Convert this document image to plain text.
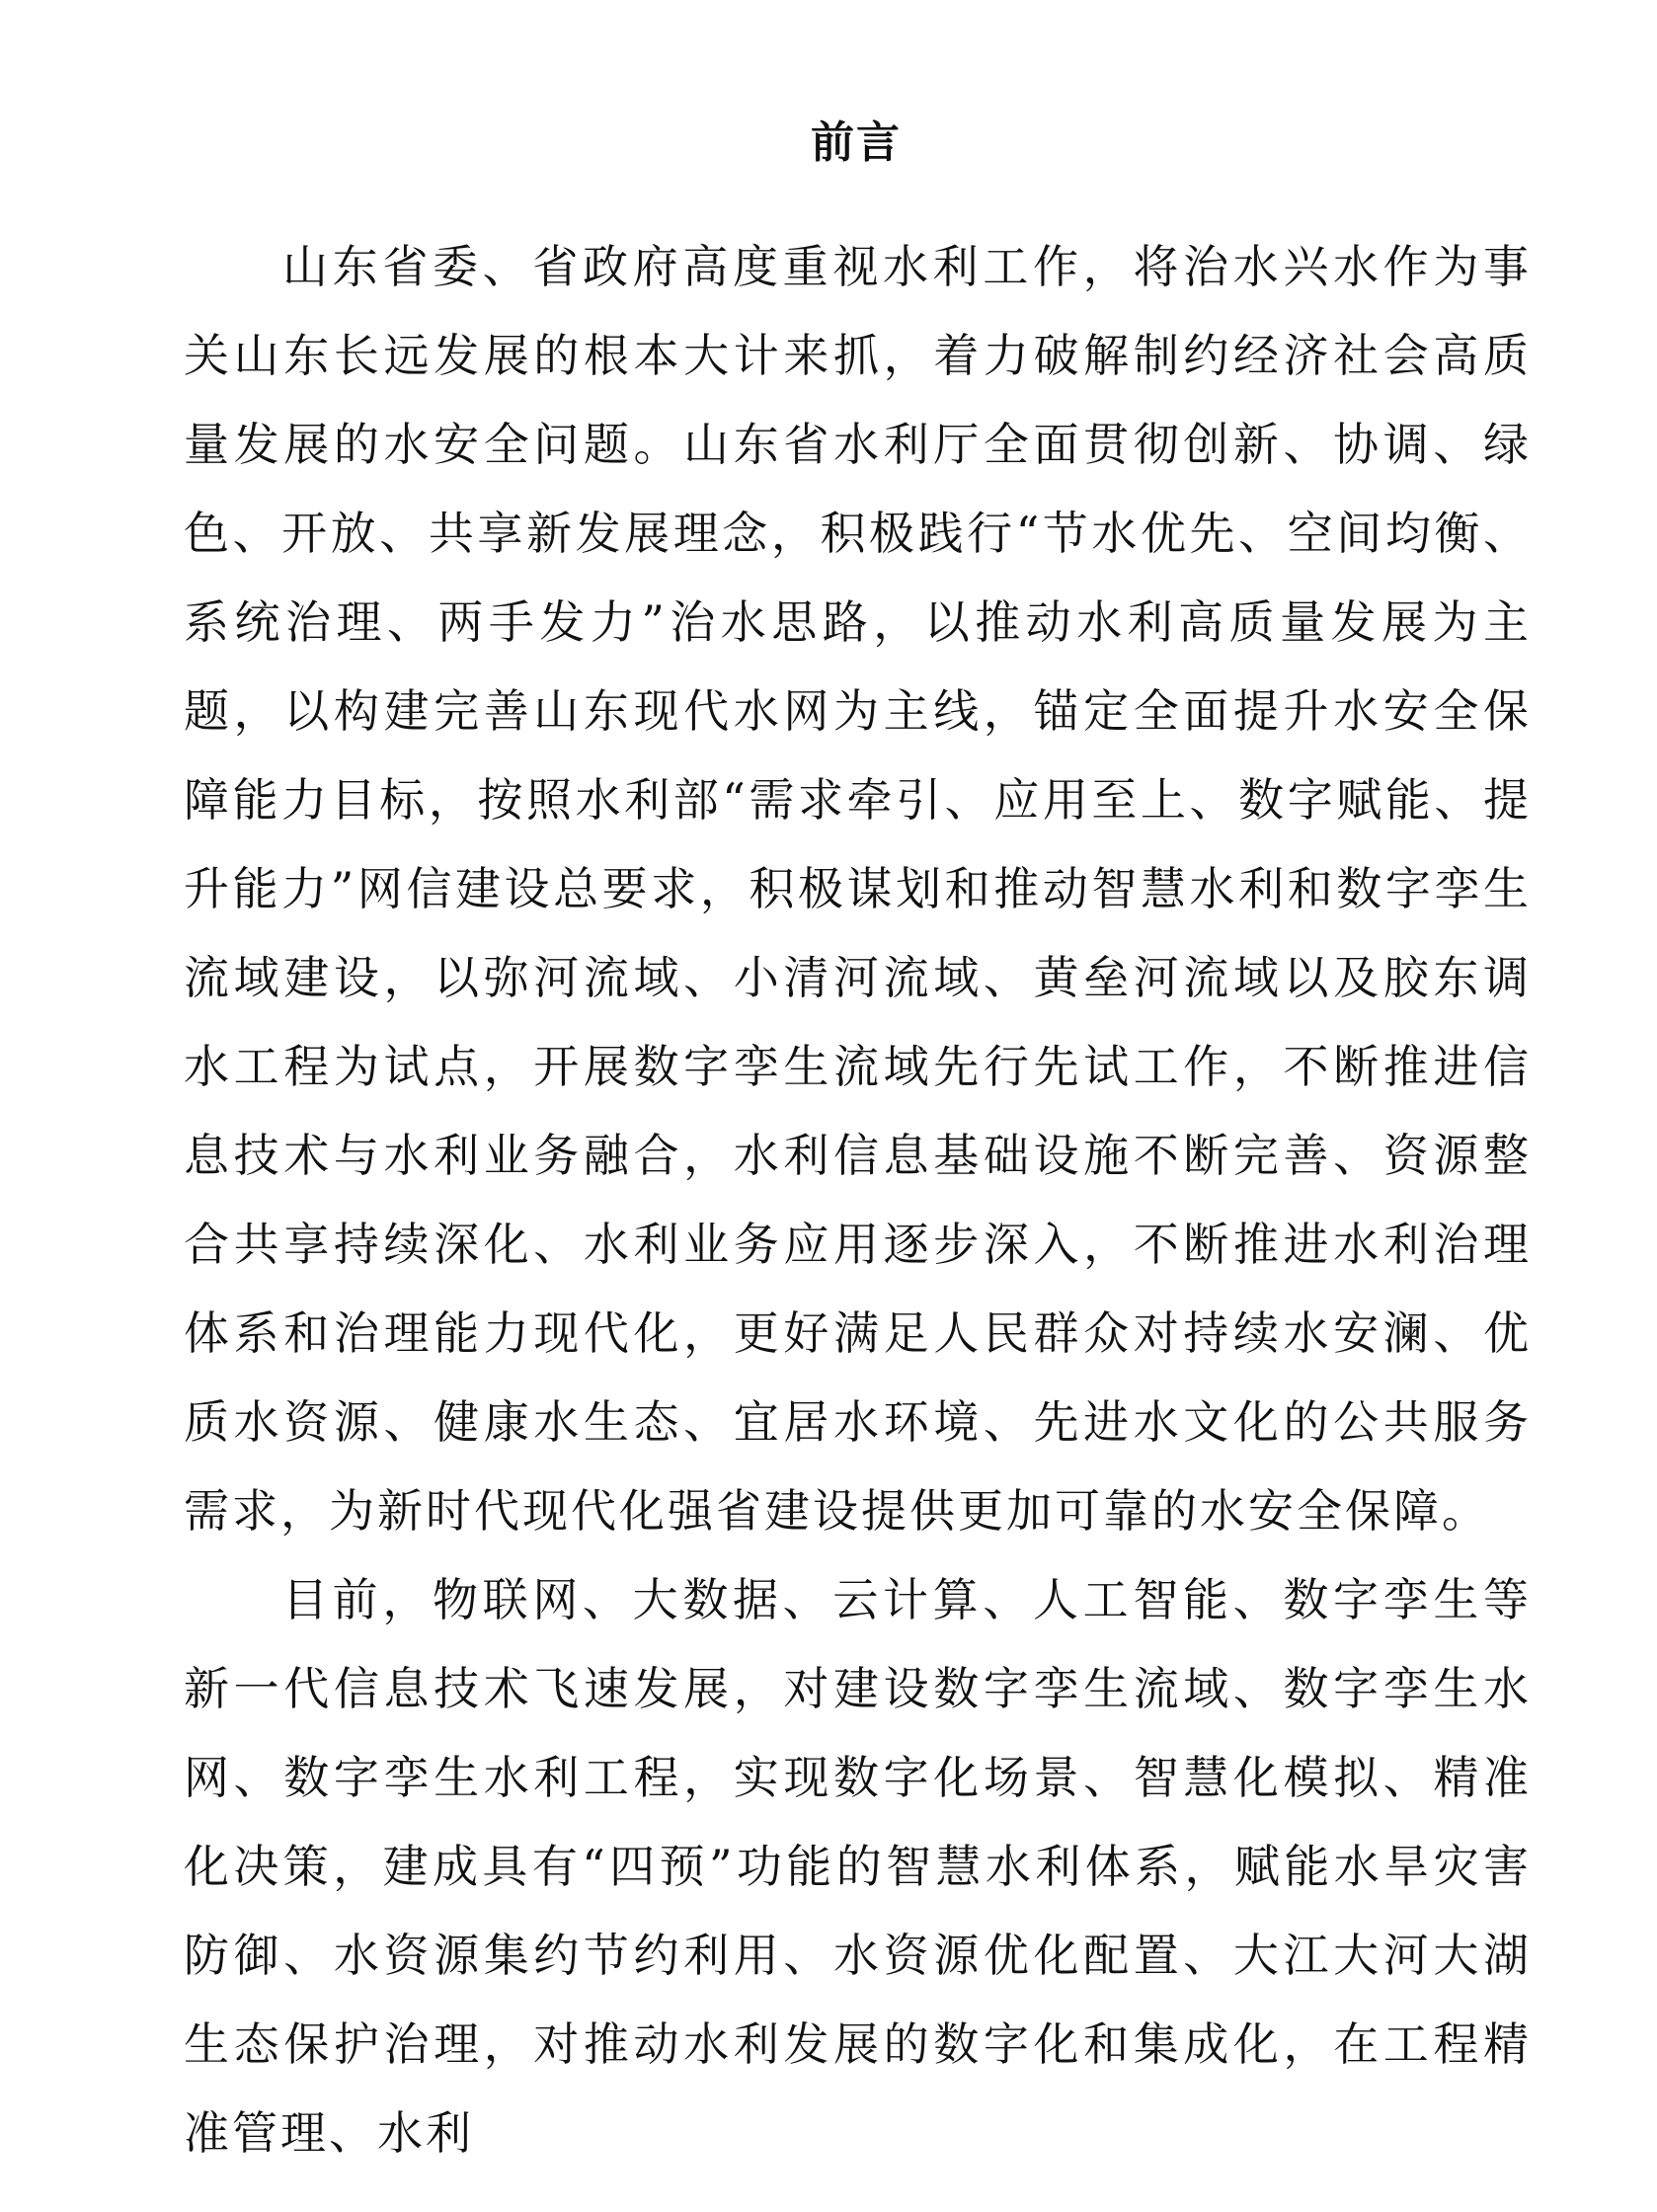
前言

山东省委、省政府高度重视水利工作，将治水兴水作为事关山东长远发展的根本大计来抓，着力破解制约经济社会高质量发展的水安全问题。山东省水利厅全面贯彻创新、协调、绿色、开放、共享新发展理念，积极践行“节水优先、空间均衡、系统治理、两手发力”治水思路，以推动水利高质量发展为主题，以构建完善山东现代水网为主线，锚定全面提升水安全保障能力目标，按照水利部“需求牵引、应用至上、数字赋能、提升能力”网信建设总要求，积极谋划和推动智慧水利和数字孪生流域建设，以弥河流域、小清河流域、黄垒河流域以及胶东调水工程为试点，开展数字孪生流域先行先试工作，不断推进信息技术与水利业务融合，水利信息基础设施不断完善、资源整合共享持续深化、水利业务应用逐步深入，不断推进水利治理体系和治理能力现代化，更好满足人民群众对持续水安澜、优质水资源、健康水生态、宜居水环境、先进水文化的公共服务需求，为新时代现代化强省建设提供更加可靠的水安全保障。

目前，物联网、大数据、云计算、人工智能、数字孪生等新一代信息技术飞速发展，对建设数字孪生流域、数字孪生水网、数字孪生水利工程，实现数字化场景、智慧化模拟、精准化决策，建成具有“四预”功能的智慧水利体系，赋能水旱灾害防御、水资源集约节约利用、水资源优化配置、大江大河大湖生态保护治理，对推动水利发展的数字化和集成化，在工程精准管理、水利
